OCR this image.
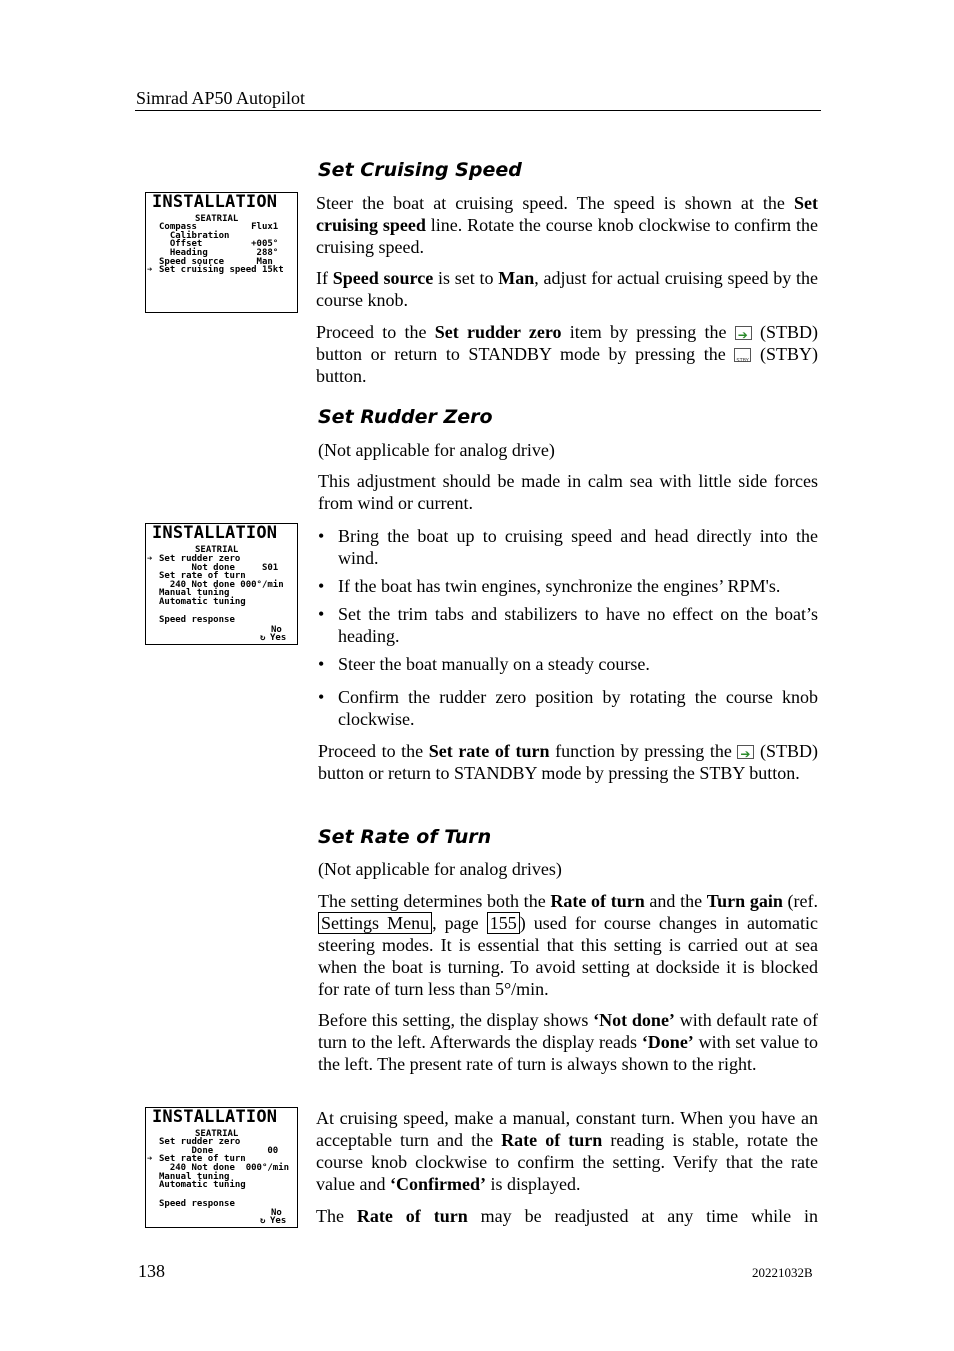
Simrad AP50 Autopilot
138	20221032B
INSTALLATION
SEATRIAL
Compass          Flux1
Calibration
Offset         +005°
Heading         288°
Speed source      Man
➔ Set cruising speed 15kt
INSTALLATION
SEATRIAL
➔ Set rudder zero
Not done     S01
Set rate of turn
240 Not done 000°/min
Manual tuning
Automatic tuning
Speed response
No
↻ Yes
INSTALLATION
SEATRIAL
Set rudder zero
Done          00
➔ Set rate of turn
240 Not done  000°/min
Manual tuning
Automatic tuning
Speed response
No
↻ Yes
Set Cruising Speed

Steer the boat at cruising speed. The speed is shown at the Set cruising speed line. Rotate the course knob clockwise to confirm the cruising speed.

If Speed source is set to Man, adjust for actual cruising speed by the course knob.

Proceed to the Set rudder zero item by pressing the ➔ (STBD) button or return to STANDBY mode by pressing the STBY (STBY) button.

Set Rudder Zero

(Not applicable for analog drive)

This adjustment should be made in calm sea with little side forces from wind or current.

• Bring the boat up to cruising speed and head directly into the wind.
• If the boat has twin engines, synchronize the engines’ RPM's.
• Set the trim tabs and stabilizers to have no effect on the boat’s heading.
• Steer the boat manually on a steady course.
• Confirm the rudder zero position by rotating the course knob clockwise.

Proceed to the Set rate of turn function by pressing the ➔ (STBD) button or return to STANDBY mode by pressing the STBY button.

Set Rate of Turn

(Not applicable for analog drives)

The setting determines both the Rate of turn and the Turn gain (ref. Settings Menu , page 155 ) used for course changes in automatic steering modes. It is essential that this setting is carried out at sea when the boat is turning. To avoid setting at dockside it is blocked for rate of turn less than 5°/min.

Before this setting, the display shows ‘Not done’ with default rate of turn to the left. Afterwards the display reads ‘Done’ with set value to the left. The present rate of turn is always shown to the right.

At cruising speed, make a manual, constant turn. When you have an acceptable turn and the Rate of turn reading is stable, rotate the course knob clockwise to confirm the setting. Verify that the rate value and ‘Confirmed’ is displayed.

The Rate of turn may be readjusted at any time while in
